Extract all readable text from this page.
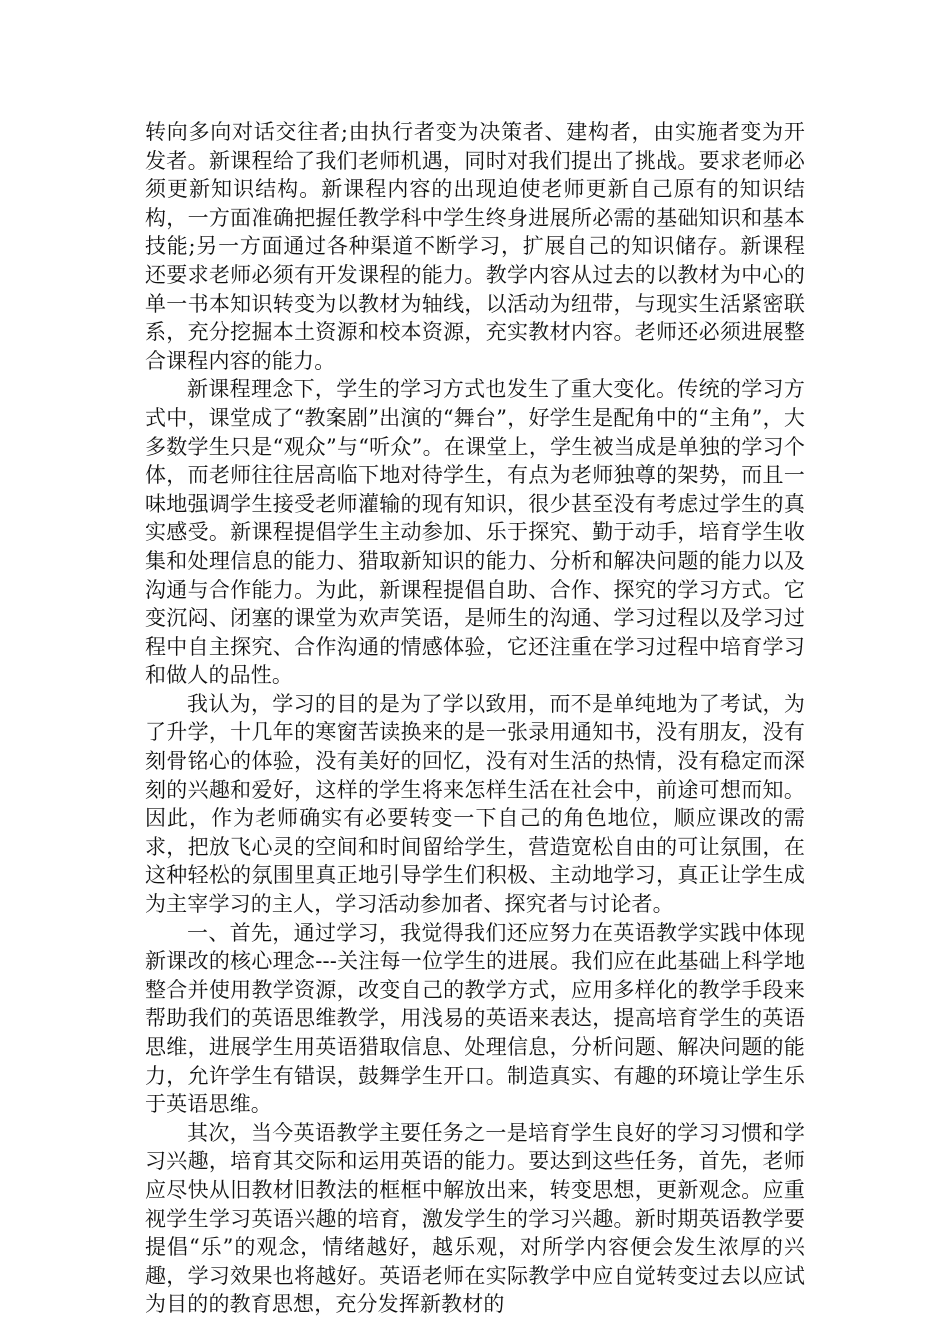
转向多向对话交往者;由执行者变为决策者、建构者，由实施者变为开发者。新课程给了我们老师机遇，同时对我们提出了挑战。要求老师必须更新知识结构。新课程内容的出现迫使老师更新自己原有的知识结构，一方面准确把握任教学科中学生终身进展所必需的基础知识和基本技能;另一方面通过各种渠道不断学习，扩展自己的知识储存。新课程还要求老师必须有开发课程的能力。教学内容从过去的以教材为中心的单一书本知识转变为以教材为轴线，以活动为纽带，与现实生活紧密联系，充分挖掘本土资源和校本资源，充实教材内容。老师还必须进展整合课程内容的能力。

新课程理念下，学生的学习方式也发生了重大变化。传统的学习方式中，课堂成了“教案剧”出演的“舞台”，好学生是配角中的“主角”，大多数学生只是“观众”与“听众”。在课堂上，学生被当成是单独的学习个体，而老师往往居高临下地对待学生，有点为老师独尊的架势，而且一味地强调学生接受老师灌输的现有知识，很少甚至没有考虑过学生的真实感受。新课程提倡学生主动参加、乐于探究、勤于动手，培育学生收集和处理信息的能力、猎取新知识的能力、分析和解决问题的能力以及沟通与合作能力。为此，新课程提倡自助、合作、探究的学习方式。它变沉闷、闭塞的课堂为欢声笑语，是师生的沟通、学习过程以及学习过程中自主探究、合作沟通的情感体验，它还注重在学习过程中培育学习和做人的品性。

我认为，学习的目的是为了学以致用，而不是单纯地为了考试，为了升学，十几年的寒窗苦读换来的是一张录用通知书，没有朋友，没有刻骨铭心的体验，没有美好的回忆，没有对生活的热情，没有稳定而深刻的兴趣和爱好，这样的学生将来怎样生活在社会中，前途可想而知。因此，作为老师确实有必要转变一下自己的角色地位，顺应课改的需求，把放飞心灵的空间和时间留给学生，营造宽松自由的可让氛围，在这种轻松的氛围里真正地引导学生们积极、主动地学习，真正让学生成为主宰学习的主人，学习活动参加者、探究者与讨论者。

一、首先，通过学习，我觉得我们还应努力在英语教学实践中体现新课改的核心理念---关注每一位学生的进展。我们应在此基础上科学地整合并使用教学资源，改变自己的教学方式，应用多样化的教学手段来帮助我们的英语思维教学，用浅易的英语来表达，提高培育学生的英语思维，进展学生用英语猎取信息、处理信息，分析问题、解决问题的能力，允许学生有错误，鼓舞学生开口。制造真实、有趣的环境让学生乐于英语思维。

其次，当今英语教学主要任务之一是培育学生良好的学习习惯和学习兴趣，培育其交际和运用英语的能力。要达到这些任务，首先，老师应尽快从旧教材旧教法的框框中解放出来，转变思想，更新观念。应重视学生学习英语兴趣的培育，激发学生的学习兴趣。新时期英语教学要提倡“乐”的观念，情绪越好，越乐观，对所学内容便会发生浓厚的兴趣，学习效果也将越好。英语老师在实际教学中应自觉转变过去以应试为目的的教育思想，充分发挥新教材的
